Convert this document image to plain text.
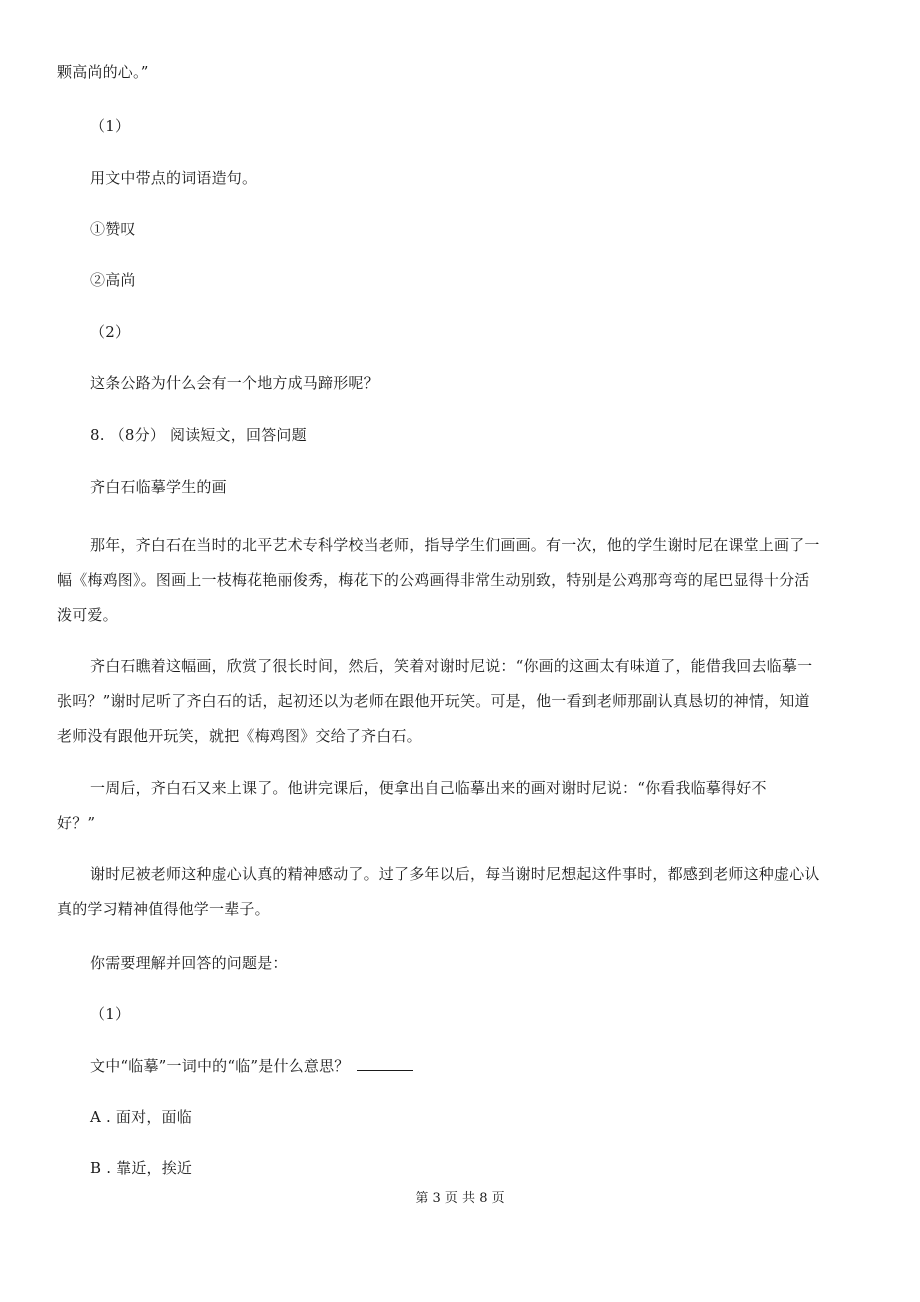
颗高尚的心。”
（1）
用文中带点的词语造句。
①赞叹
②高尚
（2）
这条公路为什么会有一个地方成马蹄形呢？
8. （8分） 阅读短文，回答问题
齐白石临摹学生的画
那年，齐白石在当时的北平艺术专科学校当老师，指导学生们画画。有一次，他的学生谢时尼在课堂上画了一
幅《梅鸡图》。图画上一枝梅花艳丽俊秀，梅花下的公鸡画得非常生动别致，特别是公鸡那弯弯的尾巴显得十分活
泼可爱。
齐白石瞧着这幅画，欣赏了很长时间，然后，笑着对谢时尼说：“你画的这画太有味道了，能借我回去临摹一
张吗？”谢时尼听了齐白石的话，起初还以为老师在跟他开玩笑。可是，他一看到老师那副认真恳切的神情，知道
老师没有跟他开玩笑，就把《梅鸡图》交给了齐白石。
一周后，齐白石又来上课了。他讲完课后，便拿出自己临摹出来的画对谢时尼说：“你看我临摹得好不
好？”
谢时尼被老师这种虚心认真的精神感动了。过了多年以后，每当谢时尼想起这件事时，都感到老师这种虚心认
真的学习精神值得他学一辈子。
你需要理解并回答的问题是：
（1）
文中“临摹”一词中的“临”是什么意思？
A . 面对，面临
B . 靠近，挨近
第 3 页 共 8 页
